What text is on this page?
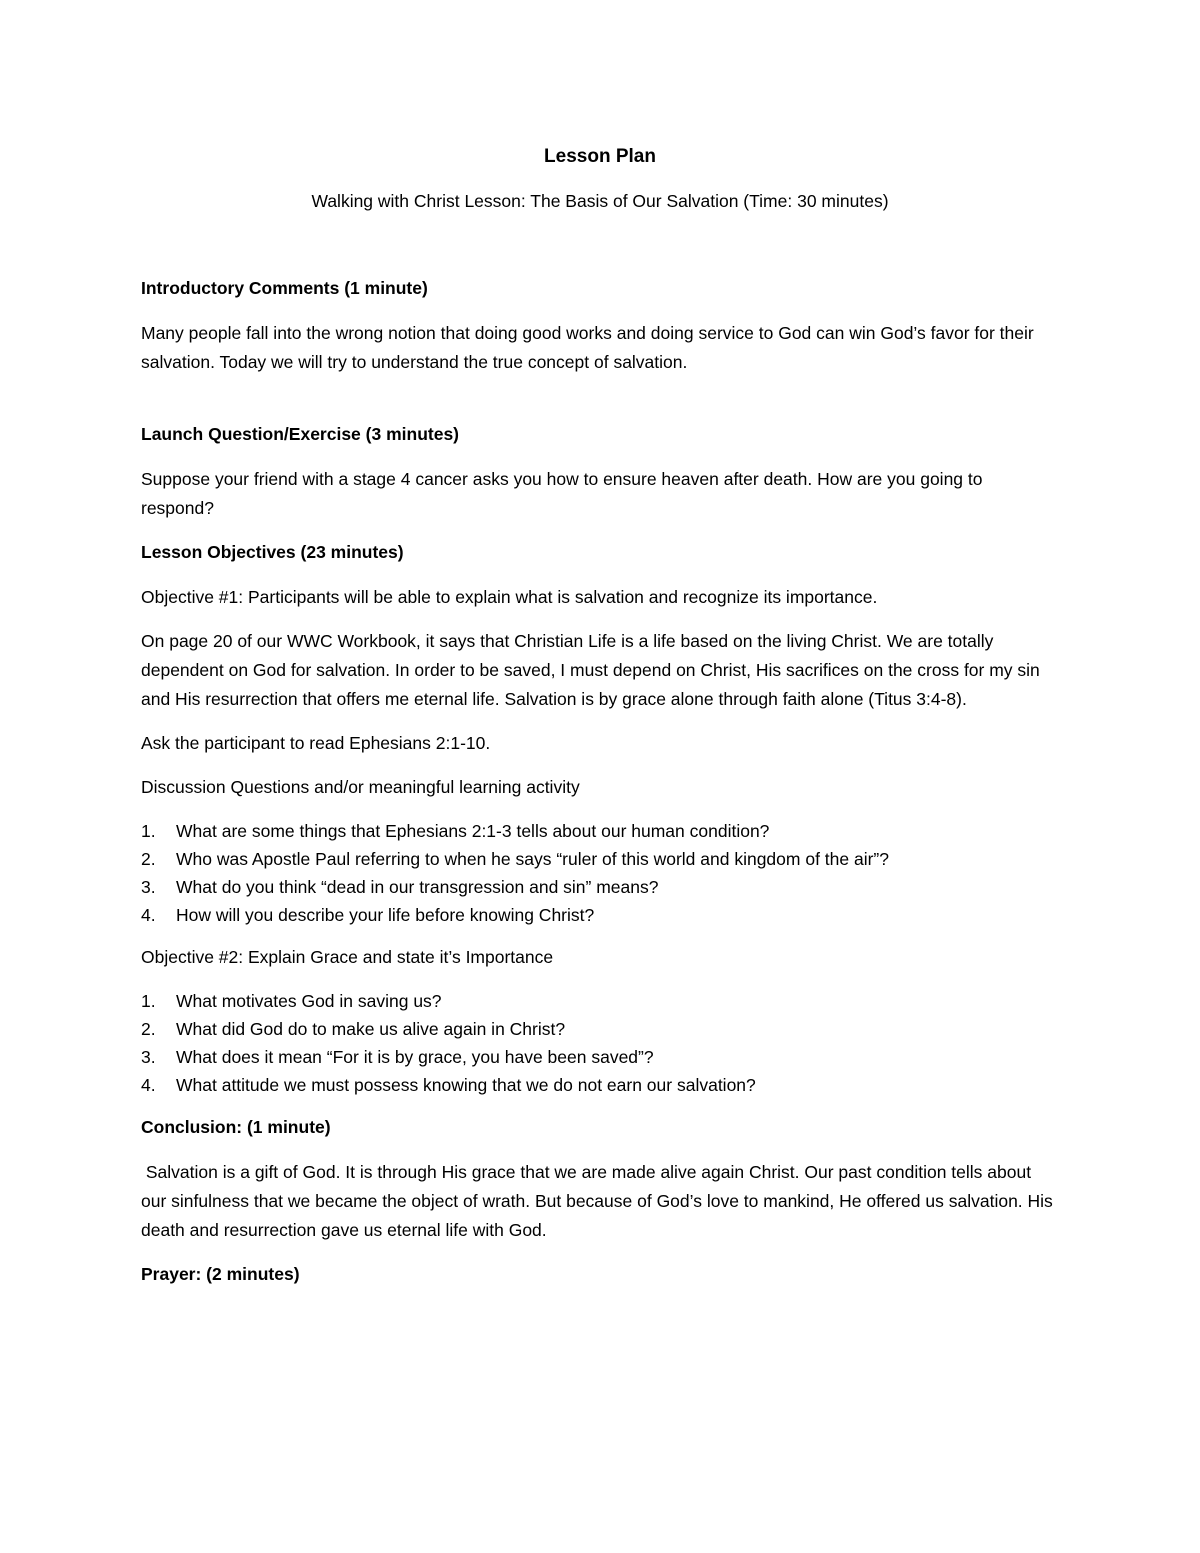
Lesson Plan

Walking with Christ Lesson: The Basis of Our Salvation (Time: 30 minutes)

Introductory Comments (1 minute)

Many people fall into the wrong notion that doing good works and doing service to God can win God’s favor for their salvation. Today we will try to understand the true concept of salvation.

Launch Question/Exercise (3 minutes)

Suppose your friend with a stage 4 cancer asks you how to ensure heaven after death. How are you going to respond?

Lesson Objectives (23 minutes)

Objective #1: Participants will be able to explain what is salvation and recognize its importance.

On page 20 of our WWC Workbook, it says that Christian Life is a life based on the living Christ. We are totally dependent on God for salvation. In order to be saved, I must depend on Christ, His sacrifices on the cross for my sin and His resurrection that offers me eternal life. Salvation is by grace alone through faith alone (Titus 3:4-8).

Ask the participant to read Ephesians 2:1-10.

Discussion Questions and/or meaningful learning activity

1. What are some things that Ephesians 2:1-3 tells about our human condition?
2. Who was Apostle Paul referring to when he says “ruler of this world and kingdom of the air”?
3. What do you think “dead in our transgression and sin” means?
4. How will you describe your life before knowing Christ?

Objective #2: Explain Grace and state it’s Importance

1. What motivates God in saving us?
2. What did God do to make us alive again in Christ?
3. What does it mean “For it is by grace, you have been saved”?
4. What attitude we must possess knowing that we do not earn our salvation?

Conclusion: (1 minute)

Salvation is a gift of God. It is through His grace that we are made alive again Christ. Our past condition tells about our sinfulness that we became the object of wrath. But because of God’s love to mankind, He offered us salvation. His death and resurrection gave us eternal life with God.

Prayer: (2 minutes)
